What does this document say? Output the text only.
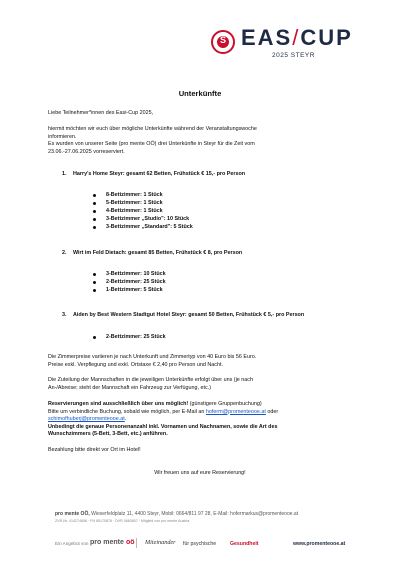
S EAS/CUP
2025 STEYR
Unterkünfte
Liebe Teilnehmer*innen des Easi-Cup 2025,
hiermit möchten wir euch über mögliche Unterkünfte während der Veranstaltungswoche
informieren.
Es wurden von unserer Seite (pro mente OÖ) drei Unterkünfte in Steyr für die Zeit vom
23.06.-27.06.2025 vorreserviert.
1. Harry's Home Steyr: gesamt 62 Betten, Frühstück € 15,- pro Person
8-Bettzimmer: 1 Stück
5-Bettzimmer: 1 Stück
4-Bettzimmer: 1 Stück
3-Bettzimmer „Studio": 10 Stück
3-Bettzimmer „Standard": 5 Stück
2. Wirt im Feld Dietach: gesamt 85 Betten, Frühstück € 8, pro Person
3-Bettzimmer: 10 Stück
2-Bettzimmer: 25 Stück
1-Bettzimmer: 5 Stück
3. Aiden by Best Western Stadtgut Hotel Steyr: gesamt 50 Betten, Frühstück € 5,- pro Person
2-Bettzimmer: 25 Stück
Die Zimmerpreise variieren je nach Unterkunft und Zimmertyp von 40 Euro bis 56 Euro.
Preise exkl. Verpflegung und exkl. Ortstaxe € 2,40 pro Person und Nacht.
Die Zuteilung der Mannschaften in die jeweiligen Unterkünfte erfolgt über uns (je nach
An-/Abreise; steht der Mannschaft ein Fahrzeug zur Verfügung, etc.)
Reservierungen sind ausschließlich über uns möglich! (günstigere Gruppenbuchung)
Bitte um verbindliche Buchung, sobald wie möglich, per E-Mail an hoferm@promenteooe.at oder
schimofhuberj@promenteooe.at.
Unbedingt die genaue Personenanzahl inkl. Vornamen und Nachnamen, sowie die Art des
Wunschzimmers (5-Bett, 3-Bett, etc.) anführen.
Bezahlung bitte direkt vor Ort im Hotel!
Wir freuen uns auf eure Reservierung!
pro mente OÖ, Wieserfeldplatz 11, 4400 Steyr, Mobil: 0664/811 97 28, E-Mail: hofermarkus@promenteooe.at
ZVR-Nr. 414274658 · FN 85170878 · DVR 0660807 · Mitglied von pro mente Austria
Ein Angebot von pro mente oö Miteinander für psychische	Gesundheit	www.promenteooe.at
